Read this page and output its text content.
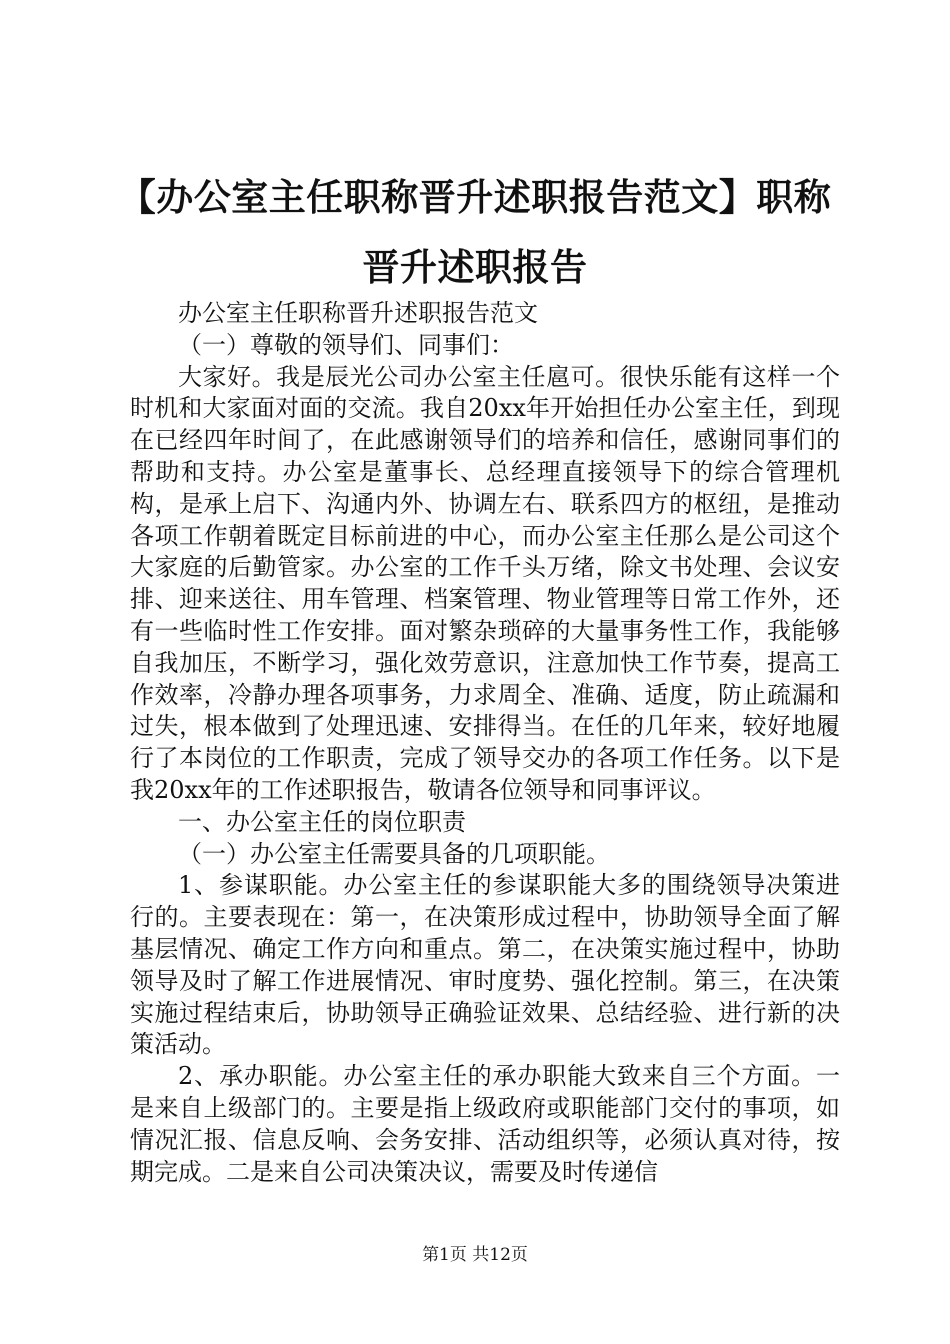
【办公室主任职称晋升述职报告范文】职称晋升述职报告

办公室主任职称晋升述职报告范文

（一）尊敬的领导们、同事们：

大家好。我是辰光公司办公室主任扈可。很快乐能有这样一个时机和大家面对面的交流。我自20xx年开始担任办公室主任，到现在已经四年时间了，在此感谢领导们的培养和信任，感谢同事们的帮助和支持。办公室是董事长、总经理直接领导下的综合管理机构，是承上启下、沟通内外、协调左右、联系四方的枢纽，是推动各项工作朝着既定目标前进的中心，而办公室主任那么是公司这个大家庭的后勤管家。办公室的工作千头万绪，除文书处理、会议安排、迎来送往、用车管理、档案管理、物业管理等日常工作外，还有一些临时性工作安排。面对繁杂琐碎的大量事务性工作，我能够自我加压，不断学习，强化效劳意识，注意加快工作节奏，提高工作效率，冷静办理各项事务，力求周全、准确、适度，防止疏漏和过失，根本做到了处理迅速、安排得当。在任的几年来，较好地履行了本岗位的工作职责，完成了领导交办的各项工作任务。以下是我20xx年的工作述职报告，敬请各位领导和同事评议。

一、办公室主任的岗位职责

（一）办公室主任需要具备的几项职能。

1、参谋职能。办公室主任的参谋职能大多的围绕领导决策进行的。主要表现在：第一，在决策形成过程中，协助领导全面了解基层情况、确定工作方向和重点。第二，在决策实施过程中，协助领导及时了解工作进展情况、审时度势、强化控制。第三，在决策实施过程结束后，协助领导正确验证效果、总结经验、进行新的决策活动。

2、承办职能。办公室主任的承办职能大致来自三个方面。一是来自上级部门的。主要是指上级政府或职能部门交付的事项，如情况汇报、信息反响、会务安排、活动组织等，必须认真对待，按期完成。二是来自公司决策决议，需要及时传递信

第1页 共12页
